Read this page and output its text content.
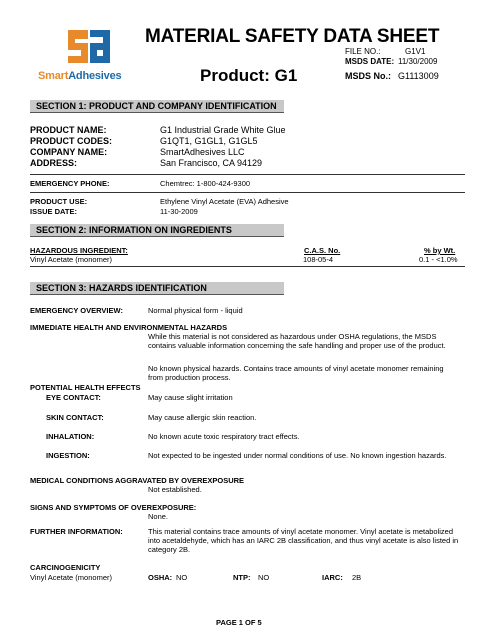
SmartAdhesives
MATERIAL SAFETY DATA SHEET
Product: G1
FILE NO.:	G1V1
MSDS DATE: 11/30/2009
MSDS No.: G1113009
SECTION 1: PRODUCT AND COMPANY IDENTIFICATION
PRODUCT NAME:	G1 Industrial Grade White Glue
PRODUCT CODES:	G1QT1, G1GL1, G1GL5
COMPANY NAME:	SmartAdhesives LLC
ADDRESS:	San Francisco, CA 94129
EMERGENCY PHONE:	Chemtrec: 1-800-424-9300
PRODUCT USE:	Ethylene Vinyl Acetate (EVA) Adhesive
ISSUE DATE:	11-30-2009
SECTION 2: INFORMATION ON INGREDIENTS
HAZARDOUS INGREDIENT:	C.A.S. No.	% by Wt.
Vinyl Acetate (monomer)	108-05-4	0.1 - <1.0%
SECTION 3: HAZARDS IDENTIFICATION
EMERGENCY OVERVIEW:	Normal physical form - liquid
IMMEDIATE HEALTH AND ENVIRONMENTAL HAZARDS
While this material is not considered as hazardous under OSHA regulations, the MSDS contains valuable information concerning the safe handling and proper use of the product.
No known physical hazards. Contains trace amounts of vinyl acetate monomer remaining from production process.
POTENTIAL HEALTH EFFECTS
EYE CONTACT:	May cause slight irritation
SKIN CONTACT:	May cause allergic skin reaction.
INHALATION:	No known acute toxic respiratory tract effects.
INGESTION:	Not expected to be ingested under normal conditions of use. No known ingestion hazards.
MEDICAL CONDITIONS AGGRAVATED BY OVEREXPOSURE
Not established.
SIGNS AND SYMPTOMS OF OVEREXPOSURE:
None.
FURTHER INFORMATION:	This material contains trace amounts of vinyl acetate monomer. Vinyl acetate is metabolized into acetaldehyde, which has an IARC 2B classification, and thus vinyl acetate is also listed in category 2B.
CARCINOGENICITY
Vinyl Acetate (monomer)	OSHA: NO	NTP: NO	IARC: 2B
PAGE 1 OF 5
